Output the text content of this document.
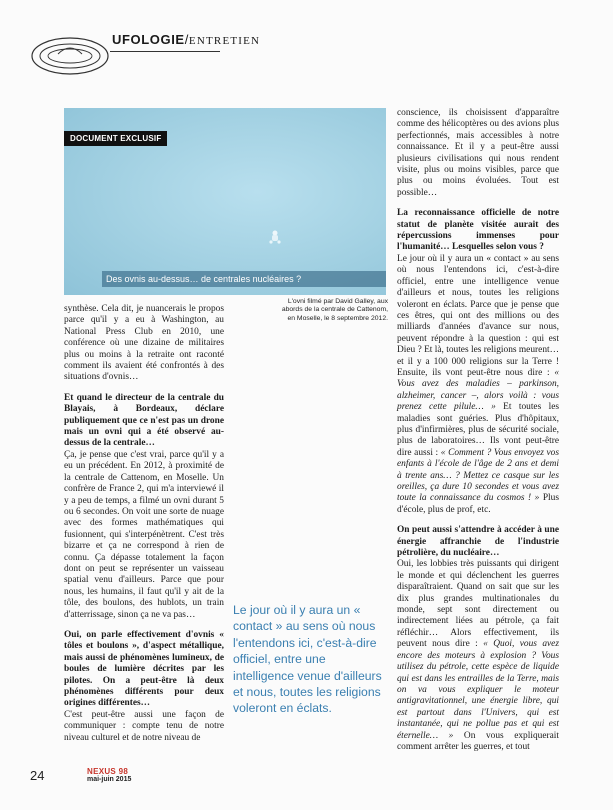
UFOLOGIE/ENTRETIEN
DOCUMENT EXCLUSIF
Des ovnis au-dessus… de centrales nucléaires ?
L'ovni filmé par David Galley, aux
abords de la centrale de Cattenom,
en Moselle, le 8 septembre 2012.

synthèse. Cela dit, je nuancerais le propos parce qu'il y a eu à Washington, au National Press Club en 2010, une conférence où une dizaine de militaires plus ou moins à la retraite ont raconté comment ils avaient été confrontés à des situations d'ovnis…

Et quand le directeur de la centrale du Blayais, à Bordeaux, déclare publiquement que ce n'est pas un drone mais un ovni qui a été observé au-dessus de la centrale…

Ça, je pense que c'est vrai, parce qu'il y a eu un précédent. En 2012, à proximité de la centrale de Cattenom, en Moselle. Un confrère de France 2, qui m'a interviewé il y a peu de temps, a filmé un ovni durant 5 ou 6 secondes. On voit une sorte de nuage avec des formes mathématiques qui fusionnent, qui s'interpénètrent. C'est très bizarre et ça ne correspond à rien de connu. Ça dépasse totalement la façon dont on peut se représenter un vaisseau spatial venu d'ailleurs. Parce que pour nous, les humains, il faut qu'il y ait de la tôle, des boulons, des hublots, un train d'atterrissage, sinon ça ne va pas…

Oui, on parle effectivement d'ovnis « tôles et boulons », d'aspect métallique, mais aussi de phénomènes lumineux, de boules de lumière décrites par les pilotes. On a peut-être là deux phénomènes différents pour deux origines différentes…

C'est peut-être aussi une façon de communiquer : compte tenu de notre niveau culturel et de notre niveau de

conscience, ils choisissent d'apparaître comme des hélicoptères ou des avions plus perfectionnés, mais accessibles à notre connaissance. Et il y a peut-être aussi plusieurs civilisations qui nous rendent visite, plus ou moins visibles, parce que plus ou moins évoluées. Tout est possible…

La reconnaissance officielle de notre statut de planète visitée aurait des répercussions immenses pour l'humanité… Lesquelles selon vous ?

Le jour où il y aura un « contact » au sens où nous l'entendons ici, c'est-à-dire officiel, entre une intelligence venue d'ailleurs et nous, toutes les religions voleront en éclats. Parce que je pense que ces êtres, qui ont des millions ou des milliards d'années d'avance sur nous, peuvent répondre à la question : qui est Dieu ? Et là, toutes les religions meurent… et il y a 100 000 religions sur la Terre ! Ensuite, ils vont peut-être nous dire : « Vous avez des maladies – parkinson, alzheimer, cancer –, alors voilà : vous prenez cette pilule… » Et toutes les maladies sont guéries. Plus d'hôpitaux, plus d'infirmières, plus de sécurité sociale, plus de laboratoires… Ils vont peut-être dire aussi : « Comment ? Vous envoyez vos enfants à l'école de l'âge de 2 ans et demi à trente ans… ? Mettez ce casque sur les oreilles, ça dure 10 secondes et vous avez toute la connaissance du cosmos ! » Plus d'école, plus de prof, etc.

On peut aussi s'attendre à accéder à une énergie affranchie de l'industrie pétrolière, du nucléaire…

Oui, les lobbies très puissants qui dirigent le monde et qui déclenchent les guerres disparaîtraient. Quand on sait que sur les dix plus grandes multinationales du monde, sept sont directement ou indirectement liées au pétrole, ça fait réfléchir… Alors effectivement, ils peuvent nous dire : « Quoi, vous avez encore des moteurs à explosion ? Vous utilisez du pétrole, cette espèce de liquide qui est dans les entrailles de la Terre, mais on va vous expliquer le moteur antigravitationnel, une énergie libre, qui est partout dans l'Univers, qui est instantanée, qui ne pollue pas et qui est éternelle… » On vous expliquerait comment arrêter les guerres, et tout

Le jour où il y aura un « contact » au sens où nous l'entendons ici, c'est-à-dire officiel, entre une intelligence venue d'ailleurs et nous, toutes les religions voleront en éclats.
24	NEXUS 98
mai-juin 2015
